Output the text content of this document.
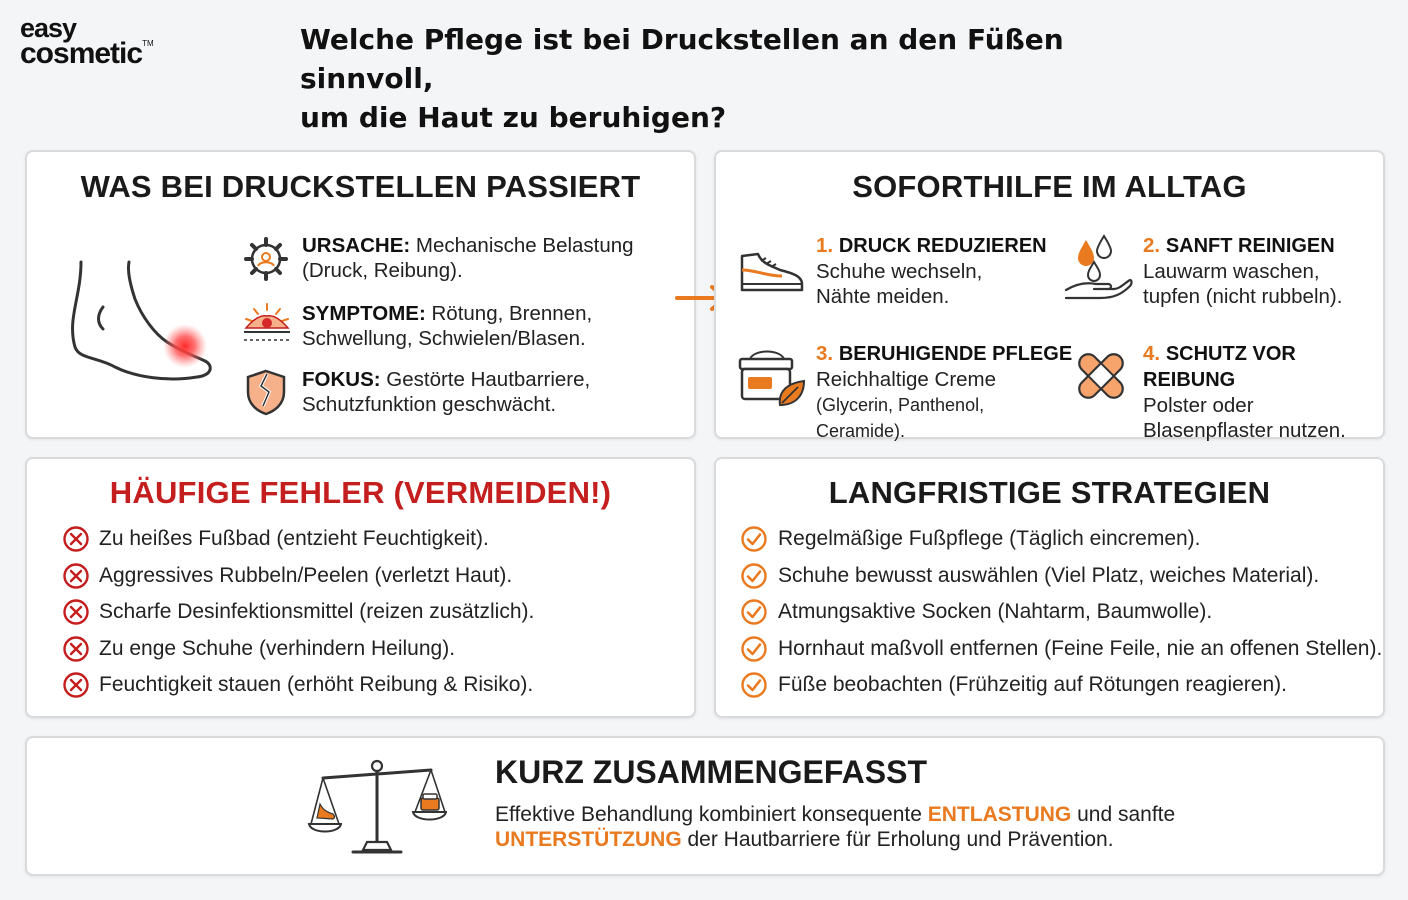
easy
cosmetic™	Welche Pflege ist bei Druckstellen an den Füßen sinnvoll,
um die Haut zu beruhigen?
WAS BEI DRUCKSTELLEN PASSIERT
URSACHE: Mechanische Belastung
(Druck, Reibung).
SYMPTOME: Rötung, Brennen,
Schwellung, Schwielen/Blasen.
FOKUS: Gestörte Hautbarriere,
Schutzfunktion geschwächt.
SOFORTHILFE IM ALLTAG
1. DRUCK REDUZIEREN
Schuhe wechseln,
Nähte meiden.
2. SANFT REINIGEN
Lauwarm waschen,
tupfen (nicht rubbeln).
3. BERUHIGENDE PFLEGE
Reichhaltige Creme
(Glycerin, Panthenol, Ceramide).
4. SCHUTZ VOR REIBUNG
Polster oder
Blasenpflaster nutzen.
HÄUFIGE FEHLER (VERMEIDEN!)
Zu heißes Fußbad (entzieht Feuchtigkeit).
Aggressives Rubbeln/Peelen (verletzt Haut).
Scharfe Desinfektionsmittel (reizen zusätzlich).
Zu enge Schuhe (verhindern Heilung).
Feuchtigkeit stauen (erhöht Reibung & Risiko).
LANGFRISTIGE STRATEGIEN
Regelmäßige Fußpflege (Täglich eincremen).
Schuhe bewusst auswählen (Viel Platz, weiches Material).
Atmungsaktive Socken (Nahtarm, Baumwolle).
Hornhaut maßvoll entfernen (Feine Feile, nie an offenen Stellen).
Füße beobachten (Frühzeitig auf Rötungen reagieren).
KURZ ZUSAMMENGEFASST
Effektive Behandlung kombiniert konsequente ENTLASTUNG und sanfte
UNTERSTÜTZUNG der Hautbarriere für Erholung und Prävention.
